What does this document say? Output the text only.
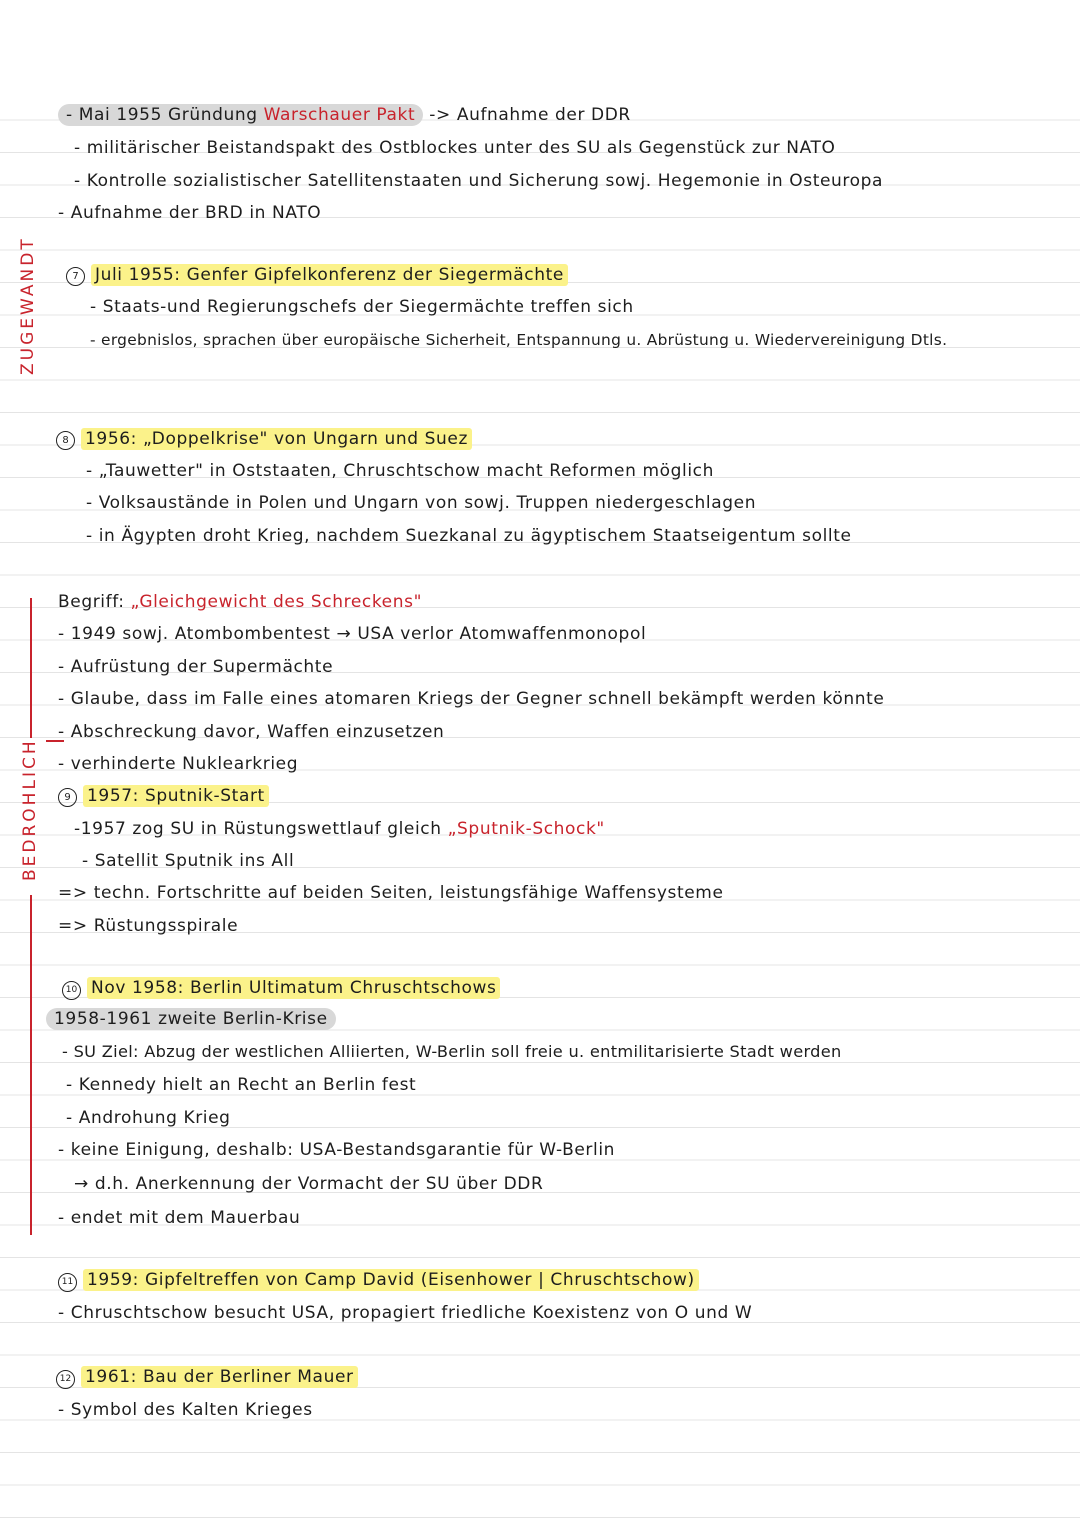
ZUGEWANDT
BEDROHLICH
- Mai 1955 Gründung Warschauer Pakt -> Aufnahme der DDR
- militärischer Beistandspakt des Ostblockes unter des SU als Gegenstück zur NATO
- Kontrolle sozialistischer Satellitenstaaten und Sicherung sowj. Hegemonie in Osteuropa
- Aufnahme der BRD in NATO
7 Juli 1955: Genfer Gipfelkonferenz der Siegermächte
- Staats-und Regierungschefs der Siegermächte treffen sich
- ergebnislos, sprachen über europäische Sicherheit, Entspannung u. Abrüstung u. Wiedervereinigung Dtls.
8 1956: „Doppelkrise" von Ungarn und Suez
- „Tauwetter" in Oststaaten, Chruschtschow macht Reformen möglich
- Volksaustände in Polen und Ungarn von sowj. Truppen niedergeschlagen
- in Ägypten droht Krieg, nachdem Suezkanal zu ägyptischem Staatseigentum sollte
Begriff: „Gleichgewicht des Schreckens"
- 1949 sowj. Atombombentest → USA verlor Atomwaffenmonopol
- Aufrüstung der Supermächte
- Glaube, dass im Falle eines atomaren Kriegs der Gegner schnell bekämpft werden könnte
- Abschreckung davor, Waffen einzusetzen
- verhinderte Nuklearkrieg
9 1957: Sputnik-Start
-1957 zog SU in Rüstungswettlauf gleich „Sputnik-Schock"
- Satellit Sputnik ins All
=> techn. Fortschritte auf beiden Seiten, leistungsfähige Waffensysteme
=> Rüstungsspirale
10 Nov 1958: Berlin Ultimatum Chruschtschows
1958-1961 zweite Berlin-Krise
- SU Ziel: Abzug der westlichen Alliierten, W-Berlin soll freie u. entmilitarisierte Stadt werden
- Kennedy hielt an Recht an Berlin fest
- Androhung Krieg
- keine Einigung, deshalb: USA-Bestandsgarantie für W-Berlin
→ d.h. Anerkennung der Vormacht der SU über DDR
- endet mit dem Mauerbau
11 1959: Gipfeltreffen von Camp David (Eisenhower | Chruschtschow)
- Chruschtschow besucht USA, propagiert friedliche Koexistenz von O und W
12 1961: Bau der Berliner Mauer
- Symbol des Kalten Krieges
